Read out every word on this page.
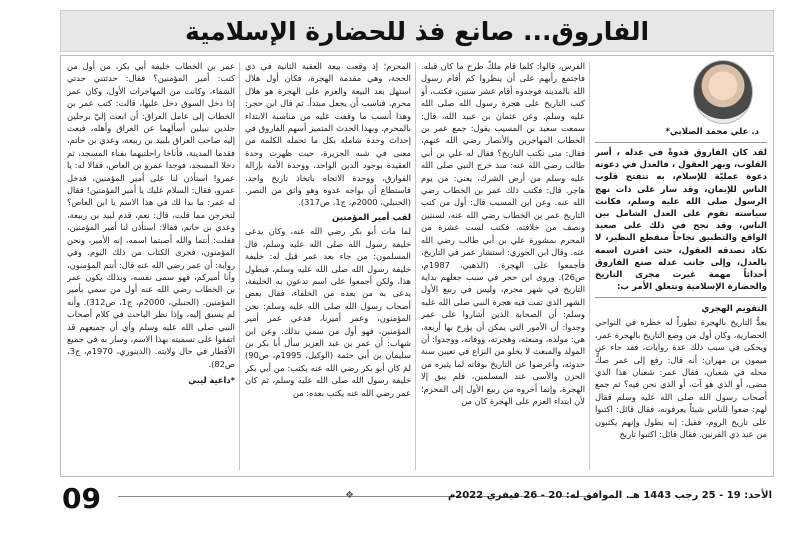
الفاروق... صانع فذ للحضارة الإسلامية
د. علي محمد الصلابي*
لقد كان الفاروق قدوةً في عدله ، أسر القلوب، وبهر العقول ، فالعدل في دعوته دعوة عمليّة للإسلام، به تتفتح قلوب الناس للإيمان، وقد سار على ذات نهج الرسول صلى الله عليه وسلم، فكانت سياسته تقوم على العدل الشامل بين الناس، وقد نجح في ذلك على صعيد الواقع والتطبيق نجاحاً منقطع النظير، لا تكاد تصدقه العقول، حتى اقترن اسمه بالعدل، وإلى جانب عدله صنع الفاروق أحداثاً مهمة غيرت مجرى التاريخ والحضارة الإسلامية وتتعلق الأمر ب:
التقويم الهجري

يعدُّ التاريخ بالهجرة تطوراً له خطره في النواحي الحضارية، وكان أول من وضع التاريخ بالهجرة عمر، ويحكى في سبب ذلك عدة روايات، فقد جاء عن ميمون بن مهران: أنه قال: رفع إلى عمر صكٌّ محله في شعبان، فقال عمر: شعبان هذا الذي مضى، أو الذي هو آت، أو الذي نحن فيه؟ ثم جمع أصحاب رسول الله صلى الله عليه وسلم فقال لهم: ضعوا للناس شيئاً يعرفونه، فقال قائل: اكتبوا على تاريخ الروم، فقيل: إنه يطول وإنهم يكتبون من عند ذي القرنين. فقال قائل: اكتبوا تاريخ

الفرس، قالوا: كلما قام ملكٌ طرح ما كان قبله. فاجتمع رأيهم على أن ينظروا كم أقام رسول الله بالمدينة فوجدوه أقام عشر سنين، فكتب، أو كتب التاريخ على هجرة رسول الله صلى الله عليه وسلم. وعن عثمان بن عبيد الله، قال: سمعت سعيد بن المسيب يقول: جمع عمر بن الخطاب المهاجرين والأنصار رضي الله عنهم، فقال: متى نكتب التاريخ؟ فقال له علي بن أبي طالب رضي الله عنه: منذ خرج النبي صلى الله عليه وسلم من أرض الشرك، يعني: من يوم هاجر. قال: فكتب ذلك عمر بن الخطاب رضي الله عنه. وعن ابن المسيب قال: أول من كتب التاريخ عمر بن الخطاب رضي الله عنه، لسنتين ونصف من خلافته، فكتب لست عشرة من المحرم بمشورة علي بن أبي طالب رضي الله عنه. وقال ابن الجوزي: استشار عمر في التاريخ، فأجمعوا على الهجرة. (الذهبي، 1987م، ص26). وروى ابن حجر في سبب جعلهم بداية التاريخ في شهر محرم، وليس في ربيع الأول الشهر الذي تمت فيه هجرة النبي صلى الله عليه وسلم: أن الصحابة الذين أشاروا على عمر وجدوا: أن الأمور التي يمكن أن يؤرخ بها أربعة، هي: مولده، ومبعثه، وهجرته، ووفاته، ووجدوا: أن المولد والمبعث لا يخلو من النزاع في تعيين سنة حدوثه، وأعرضوا عن التاريخ بوفاته لما يثيره من الحزن والأسى عند المسلمين، فلم يبق إلا الهجرة، وإنما أخروه من ربيع الأول إلى المحرم؛ لأن ابتداء العزم على الهجرة كان من

المحرم؛ إذ وقعت بيعة العقبة الثانية في ذي الحجة، وهي مقدمة الهجرة، فكان أول هلال استهل بعد البيعة والعزم على الهجرة هو هلال محرم، فناسب أن يجعل مبتدأ. ثم قال ابن حجر: وهذا أنسب ما وقفت عليه من مناسبة الابتداء بالمحرم. وبهذا الحدث المتميز أسهم الفاروق في إحداث وحدة شاملة بكل ما تحمله الكلمة من معنى في شبه الجزيرة، حيث ظهرت وحدة العقيدة بوجود الدين الواحد، ووحدة الأمة بإزالة الفوارق، ووحدة الاتجاه باتخاذ تاريخ واحد، فاستطاع أن يواجه عدوه وهو واثق من النصر. (الحنبلي، 2000م، ج1، ص317).

لقب أمير المؤمنين

لما مات أبو بكر رضي الله عنه، وكان يدعى خليفة رسول الله صلى الله عليه وسلم، قال المسلمون: من جاء بعد عمر قيل له: خليفة خليفة رسول الله صلى الله عليه وسلم، فيطول هذا، ولكن أجمعوا على اسم تدعون به الخليفة، يدعى به من بعده من الخلفاء، فقال بعض أصحاب رسول الله صلى الله عليه وسلم: نحن المؤمنون، وعمر أميرنا، فدعي عمر أمير المؤمنين، فهو أول من سمي بذلك. وعن ابن شهاب: أن عمر بن عبد العزيز سأل أبا بكر بن سليمان بن أبي حثمة (الوكيل، 1995م، ص90) لمَ كان أبو بكر رضي الله عنه يكتب: من أبي بكر خليفة رسول الله صلى الله عليه وسلم، ثم كان عمر رضي الله عنه يكتب بعده: من

عمر بن الخطاب خليفة أبي بكر، من أول من كتب: أمير المؤمنين؟ فقال: حدثتني جدتي الشفاء، وكانت من المهاجرات الأول، وكان عمر إذا دخل السوق دخل عليها، قالت: كتب عمر بن الخطاب إلى عامل العراق: أن ابعث إليّ برجلين جلدين نبيلين أسألهما عن العراق وأهله، فبعث إليه صاحب العراق بلبيد بن ربيعة، وعدي بن حاتم، فقدما المدينة، فأناخا راحلتيهما بفناء المسجد، ثم دخلا المسجد، فوجدا عمرو بن العاص، فقالا له: يا عمرو! استأذن لنا على أمير المؤمنين، فدخل عمرو، فقال: السلام عليك يا أمير المؤمنين! فقال له عمر: ما بدا لك في هذا الاسم يا ابن العاص؟ لتخرجن مما قلت، قال: نعم، قدم لبيد بن ربيعة، وعدي بن حاتم، فقالا: استأذن لنا أمير المؤمنين، فقلت: أنتما والله أصبتما اسمه، إنه الأمير، ونحن المؤمنون، فجرى الكتاب من ذلك اليوم. وفي رواية: أن عمر رضي الله عنه قال: أنتم المؤمنون، وأنا أميركم، فهو سمى نفسه، وبذلك يكون عمر بن الخطاب رضي الله عنه أول من سمي بأمير المؤمنين. (الحنبلي، 2000م، ج1، ص312). وأنه لم يسبق إليه، وإذا نظر الباحث في كلام أصحاب النبي صلى الله عليه وسلم وأي أن جميعهم قد اتفقوا على تسميته بهذا الاسم، وسار به في جميع الأقطار في حال ولايته. (الدينوري، 1970م، ج3، ص82).

*داعية ليبي
09	❖	الأحد: 19 - 25 رجب 1443 هـ. الموافق له: 20 - 26 فيفري 2022م
